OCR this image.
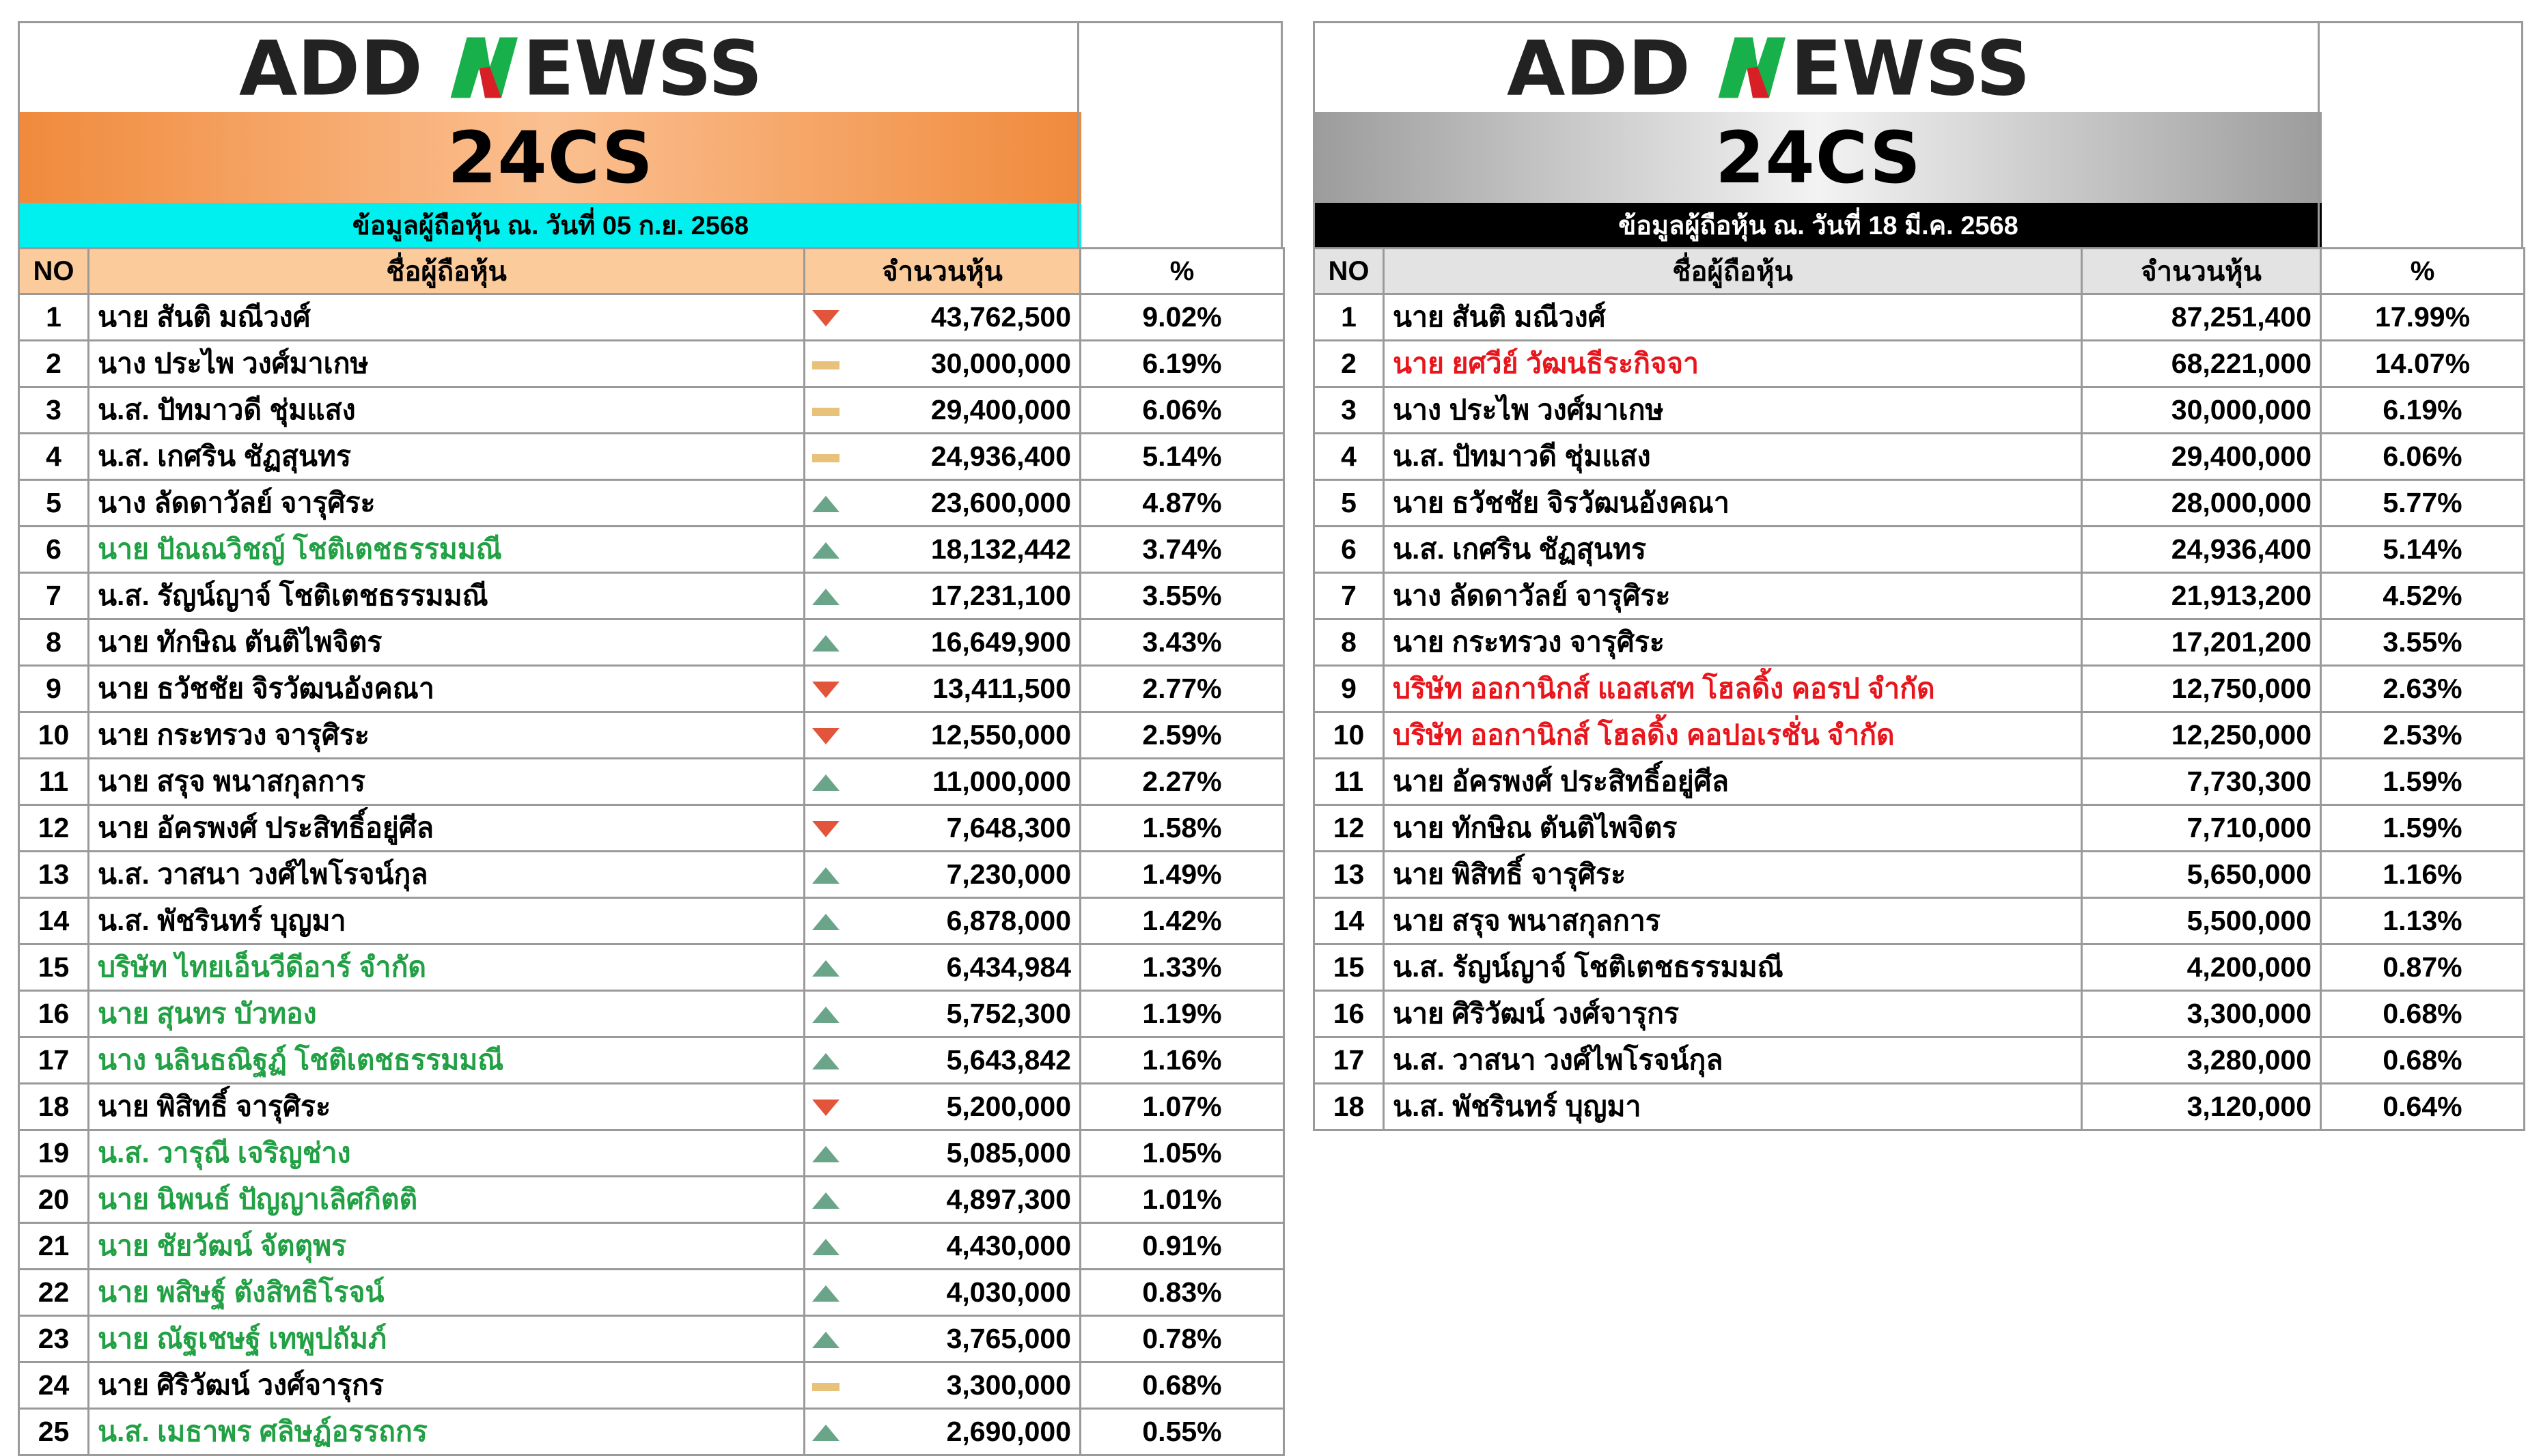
ADD EWSS
24CS
ข้อมูลผู้ถือหุ้น ณ. วันที่ 05 ก.ย. 2568
NO	ชื่อผู้ถือหุ้น	จำนวนหุ้น		%
1	นาย สันติ มณีวงศ์		43,762,500	9.02%
2	นาง ประไพ วงศ์มาเกษ		30,000,000	6.19%
3	น.ส. ปัทมาวดี ชุ่มแสง		29,400,000	6.06%
4	น.ส. เกศริน ชัฏสุนทร		24,936,400	5.14%
5	นาง ลัดดาวัลย์ จารุศิระ		23,600,000	4.87%
6	นาย ปัณณวิชญ์ โชติเตชธรรมมณี		18,132,442	3.74%
7	น.ส. รัญน์ญาจ์ โชติเตชธรรมมณี		17,231,100	3.55%
8	นาย ทักษิณ ตันติไพจิตร		16,649,900	3.43%
9	นาย ธวัชชัย จิรวัฒนอังคณา		13,411,500	2.77%
10	นาย กระทรวง จารุศิระ		12,550,000	2.59%
11	นาย สรุจ พนาสกุลการ		11,000,000	2.27%
12	นาย อัครพงศ์ ประสิทธิ์อยู่ศีล		7,648,300	1.58%
13	น.ส. วาสนา วงศ์ไพโรจน์กุล		7,230,000	1.49%
14	น.ส. พัชรินทร์ บุญมา		6,878,000	1.42%
15	บริษัท ไทยเอ็นวีดีอาร์ จำกัด		6,434,984	1.33%
16	นาย สุนทร บัวทอง		5,752,300	1.19%
17	นาง นลินธณิฐฏ์ โชติเตชธรรมมณี		5,643,842	1.16%
18	นาย พิสิทธิ์ จารุศิระ		5,200,000	1.07%
19	น.ส. วารุณี เจริญช่าง		5,085,000	1.05%
20	นาย นิพนธ์ ปัญญาเลิศกิตติ		4,897,300	1.01%
21	นาย ชัยวัฒน์ จัตตุพร		4,430,000	0.91%
22	นาย พสิษฐ์ ตังสิทธิโรจน์		4,030,000	0.83%
23	นาย ณัฐเชษฐ์ เทพูปถัมภ์		3,765,000	0.78%
24	นาย ศิริวัฒน์ วงศ์จารุกร		3,300,000	0.68%
25	น.ส. เมธาพร ศลิษฏ์อรรถกร		2,690,000	0.55%
ADD EWSS
24CS
ข้อมูลผู้ถือหุ้น ณ. วันที่ 18 มี.ค. 2568
NO	ชื่อผู้ถือหุ้น	จำนวนหุ้น	%
1	นาย สันติ มณีวงศ์	87,251,400	17.99%
2	นาย ยศวีย์ วัฒนธีระกิจจา	68,221,000	14.07%
3	นาง ประไพ วงศ์มาเกษ	30,000,000	6.19%
4	น.ส. ปัทมาวดี ชุ่มแสง	29,400,000	6.06%
5	นาย ธวัชชัย จิรวัฒนอังคณา	28,000,000	5.77%
6	น.ส. เกศริน ชัฏสุนทร	24,936,400	5.14%
7	นาง ลัดดาวัลย์ จารุศิระ	21,913,200	4.52%
8	นาย กระทรวง จารุศิระ	17,201,200	3.55%
9	บริษัท ออกานิกส์ แอสเสท โฮลดิ้ง คอรป จำกัด	12,750,000	2.63%
10	บริษัท ออกานิกส์ โฮลดิ้ง คอปอเรชั่น จำกัด	12,250,000	2.53%
11	นาย อัครพงศ์ ประสิทธิ์อยู่ศีล	7,730,300	1.59%
12	นาย ทักษิณ ตันติไพจิตร	7,710,000	1.59%
13	นาย พิสิทธิ์ จารุศิระ	5,650,000	1.16%
14	นาย สรุจ พนาสกุลการ	5,500,000	1.13%
15	น.ส. รัญน์ญาจ์ โชติเตชธรรมมณี	4,200,000	0.87%
16	นาย ศิริวัฒน์ วงศ์จารุกร	3,300,000	0.68%
17	น.ส. วาสนา วงศ์ไพโรจน์กุล	3,280,000	0.68%
18	น.ส. พัชรินทร์ บุญมา	3,120,000	0.64%
